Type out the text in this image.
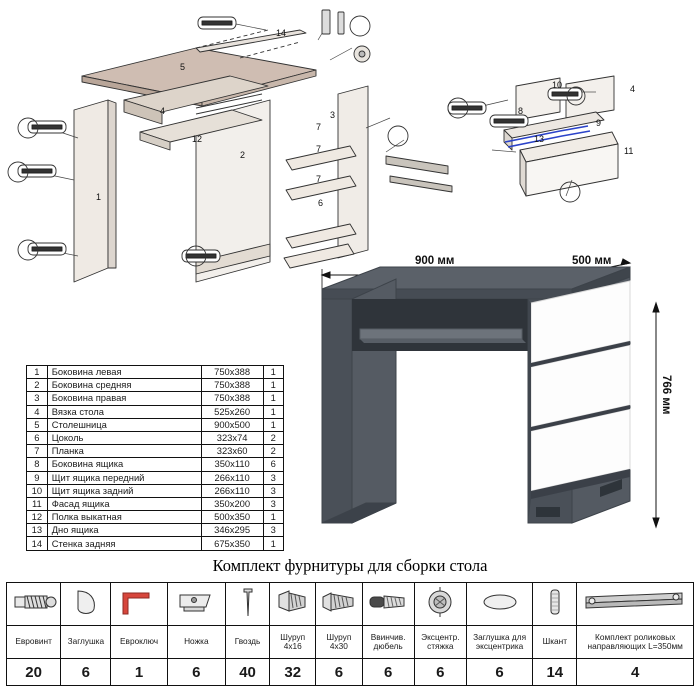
14
5
4
12
2
1
3
7
7
7
6
8
10	4
9
13
11
1	Боковина левая	750x388	1
2	Боковина средняя	750x388	1
3	Боковина правая	750x388	1
4	Вязка стола	525x260	1
5	Столешница	900x500	1
6	Цоколь	323x74	2
7	Планка	323x60	2
8	Боковина ящика	350x110	6
9	Щит ящика передний	266x110	3
10	Щит ящика задний	266x110	3
11	Фасад ящика	350x200	3
12	Полка выкатная	500x350	1
13	Дно ящика	346x295	3
14	Стенка задняя	675x350	1
900 мм	500 мм
766 мм
Комплект фурнитуры для сборки стола

Евровинт	Заглушка	Евроключ	Ножка	Гвоздь	Шуруп 4х16	Шуруп 4х30	Ввинчив. дюбель	Эксцентр. стяжка	Заглушка для эксцентрика	Шкант	Комплект роликовых направляющих L=350мм
20	6	1	6	40	32	6	6	6	6	14	4
